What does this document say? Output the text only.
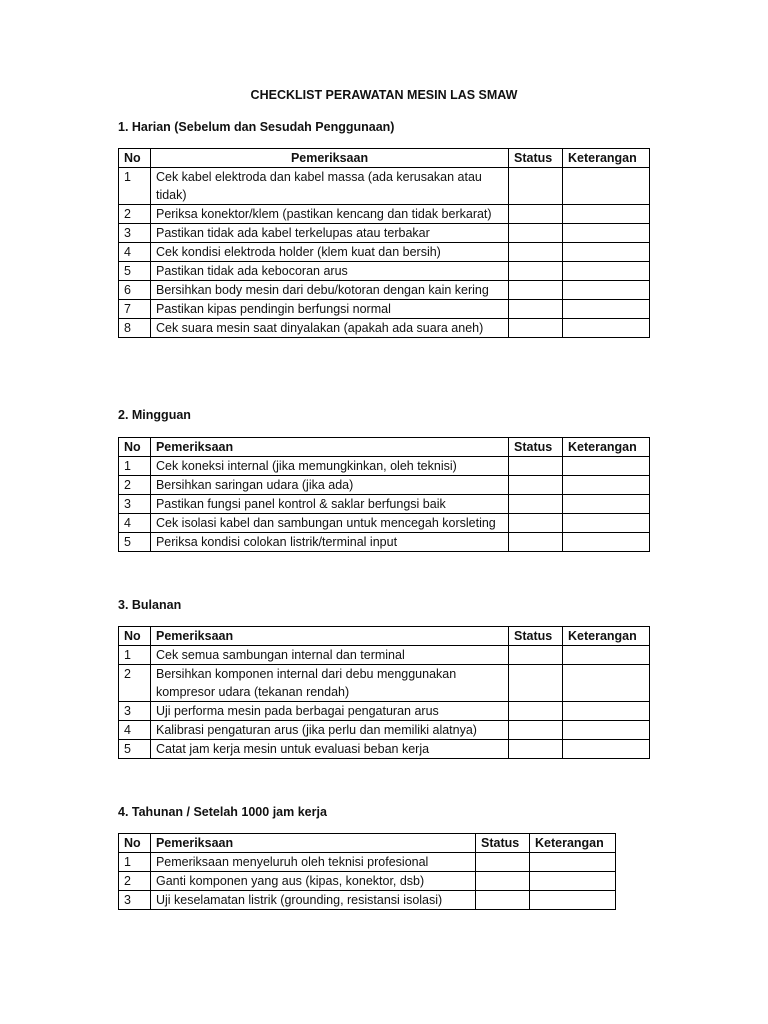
CHECKLIST PERAWATAN MESIN LAS SMAW
1. Harian (Sebelum dan Sesudah Penggunaan)
No	Pemeriksaan	Status	Keterangan
1	Cek kabel elektroda dan kabel massa (ada kerusakan atau tidak)		
2	Periksa konektor/klem (pastikan kencang dan tidak berkarat)		
3	Pastikan tidak ada kabel terkelupas atau terbakar		
4	Cek kondisi elektroda holder (klem kuat dan bersih)		
5	Pastikan tidak ada kebocoran arus		
6	Bersihkan body mesin dari debu/kotoran dengan kain kering		
7	Pastikan kipas pendingin berfungsi normal		
8	Cek suara mesin saat dinyalakan (apakah ada suara aneh)		
2. Mingguan
No	Pemeriksaan	Status	Keterangan
1	Cek koneksi internal (jika memungkinkan, oleh teknisi)		
2	Bersihkan saringan udara (jika ada)		
3	Pastikan fungsi panel kontrol & saklar berfungsi baik		
4	Cek isolasi kabel dan sambungan untuk mencegah korsleting		
5	Periksa kondisi colokan listrik/terminal input		
3. Bulanan
No	Pemeriksaan	Status	Keterangan
1	Cek semua sambungan internal dan terminal		
2	Bersihkan komponen internal dari debu menggunakan kompresor udara (tekanan rendah)		
3	Uji performa mesin pada berbagai pengaturan arus		
4	Kalibrasi pengaturan arus (jika perlu dan memiliki alatnya)		
5	Catat jam kerja mesin untuk evaluasi beban kerja		
4. Tahunan / Setelah 1000 jam kerja
No	Pemeriksaan	Status	Keterangan
1	Pemeriksaan menyeluruh oleh teknisi profesional		
2	Ganti komponen yang aus (kipas, konektor, dsb)		
3	Uji keselamatan listrik (grounding, resistansi isolasi)		
